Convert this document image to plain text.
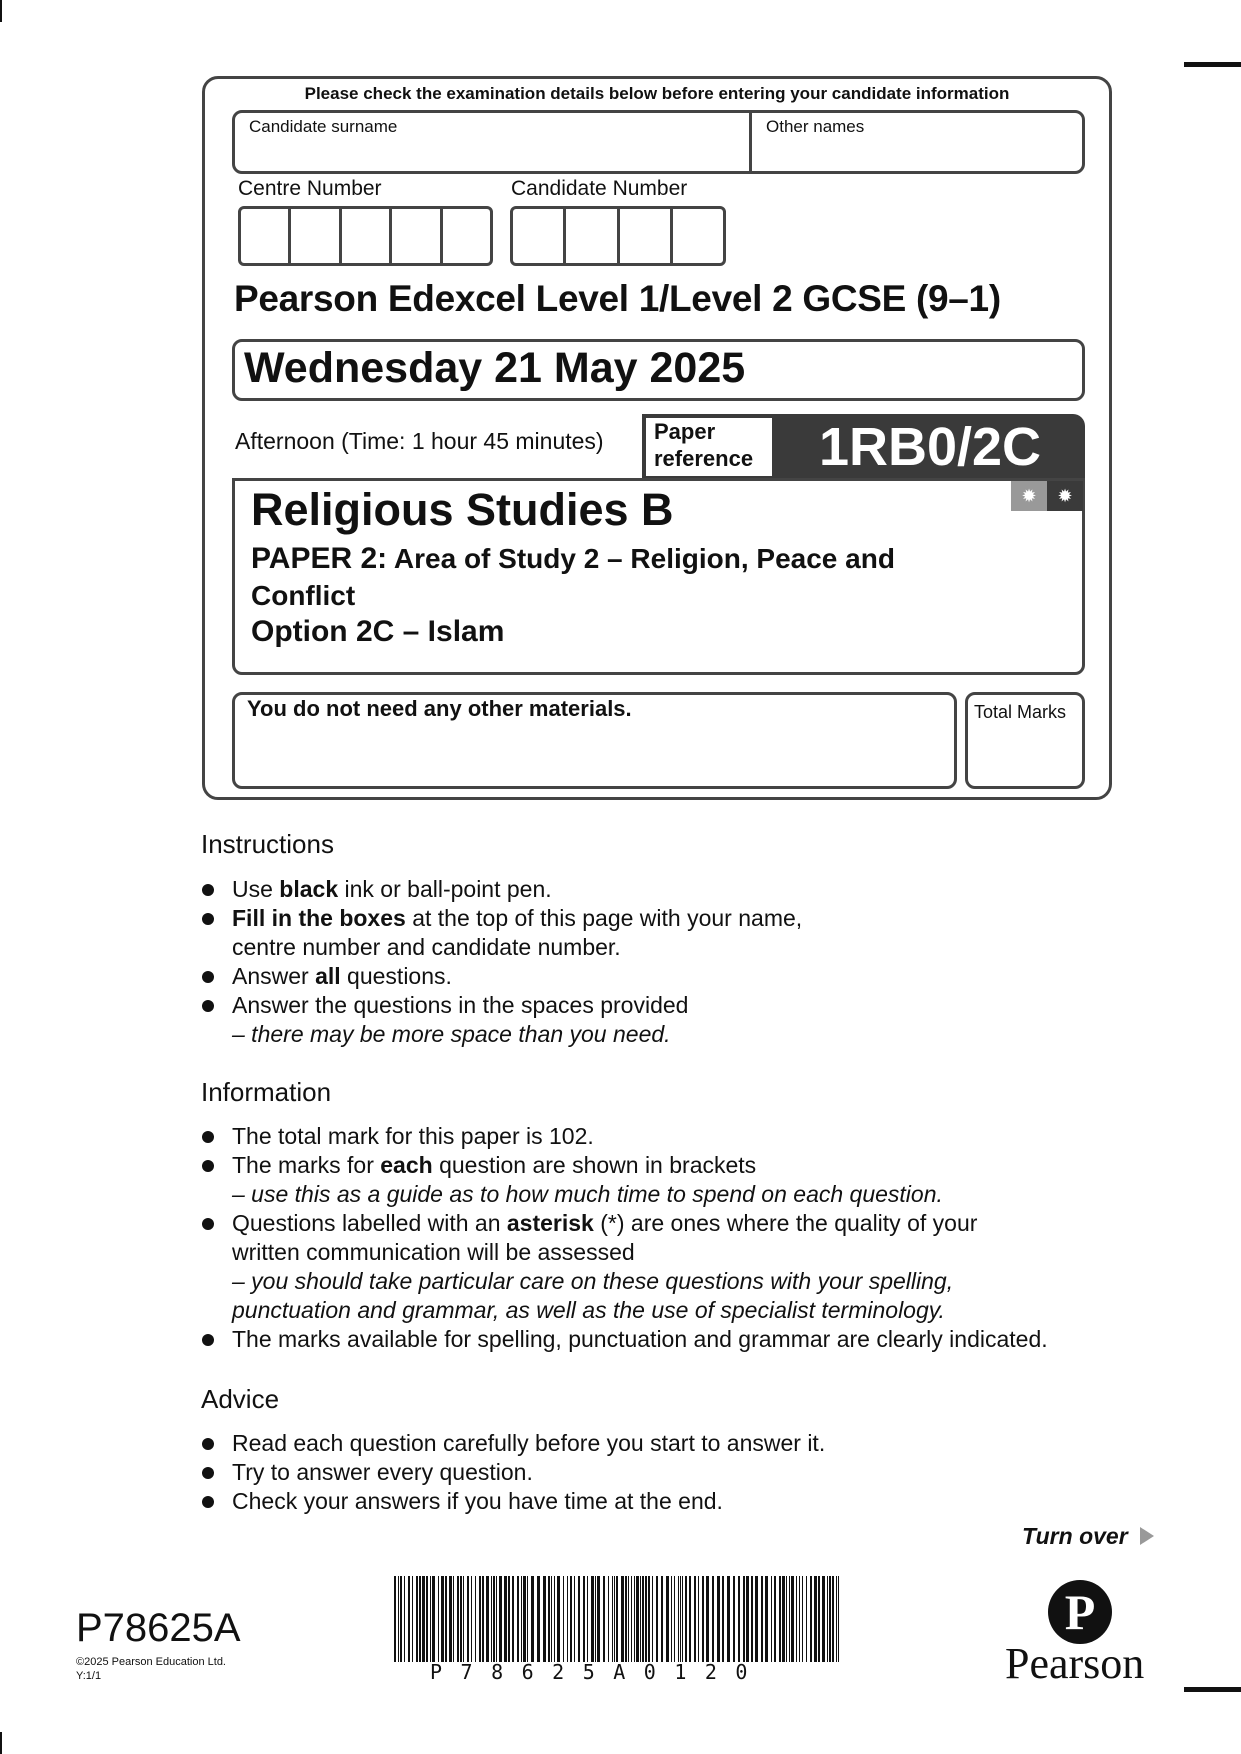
Please check the examination details below before entering your candidate information
Candidate surname	Other names
Centre Number	Candidate Number
Pearson Edexcel Level 1/Level 2 GCSE (9–1)
Wednesday 21 May 2025
Afternoon (Time: 1 hour 45 minutes)	Paper reference	1RB0/2C
✹	✹
Religious Studies B
PAPER 2: Area of Study 2 – Religion, Peace and Conflict
Option 2C – Islam
You do not need any other materials.	Total Marks
Instructions
Use black ink or ball-point pen.
Fill in the boxes at the top of this page with your name, centre number and candidate number.
Answer all questions.
Answer the questions in the spaces provided
– there may be more space than you need.
Information
The total mark for this paper is 102.
The marks for each question are shown in brackets
– use this as a guide as to how much time to spend on each question.
Questions labelled with an asterisk (*) are ones where the quality of your written communication will be assessed
– you should take particular care on these questions with your spelling, punctuation and grammar, as well as the use of specialist terminology.
The marks available for spelling, punctuation and grammar are clearly indicated.
Advice
Read each question carefully before you start to answer it.
Try to answer every question.
Check your answers if you have time at the end.
Turn over
P78625A
©2025 Pearson Education Ltd.
Y:1/1	P78625A0120
P
Pearson
